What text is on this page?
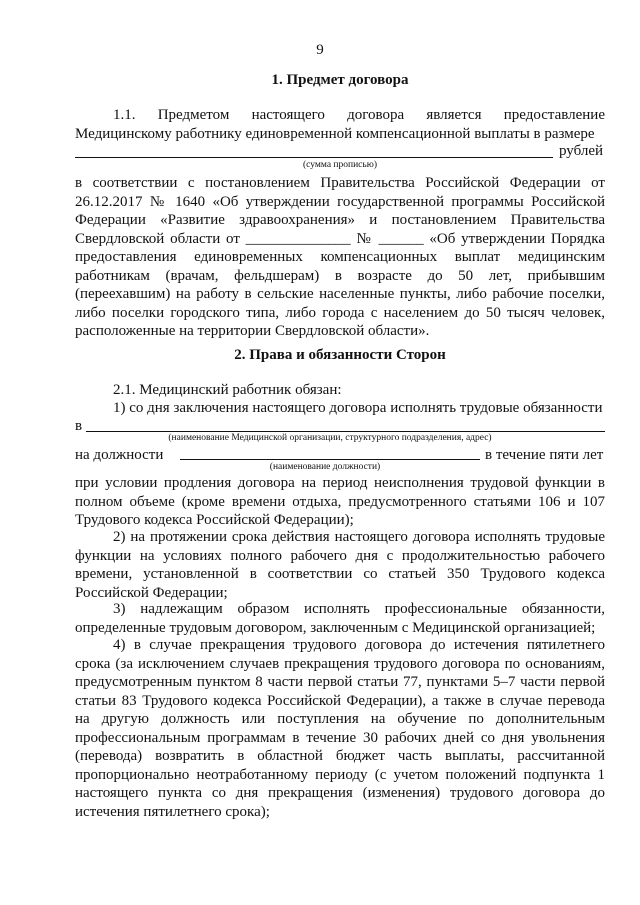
9
1. Предмет договора
1.1. Предметом настоящего договора является предоставление Медицинскому работнику единовременной компенсационной выплаты в размере
рублей
(сумма прописью)
в соответствии с постановлением Правительства Российской Федерации от 26.12.2017 № 1640 «Об утверждении государственной программы Российской Федерации «Развитие здравоохранения» и постановлением Правительства Свердловской области от ______________ № ______ «Об утверждении Порядка предоставления единовременных компенсационных выплат медицинским работникам (врачам, фельдшерам) в возрасте до 50 лет, прибывшим (переехавшим) на работу в сельские населенные пункты, либо рабочие поселки, либо поселки городского типа, либо города с населением до 50 тысяч человек, расположенные на территории Свердловской области».
2. Права и обязанности Сторон
2.1. Медицинский работник обязан:
1) со дня заключения настоящего договора исполнять трудовые обязанности
в
(наименование Медицинской организации, структурного подразделения, адрес)
на должности	в течение пяти лет
(наименование должности)
при условии продления договора на период неисполнения трудовой функции в полном объеме (кроме времени отдыха, предусмотренного статьями 106 и 107 Трудового кодекса Российской Федерации);
2) на протяжении срока действия настоящего договора исполнять трудовые функции на условиях полного рабочего дня с продолжительностью рабочего времени, установленной в соответствии со статьей 350 Трудового кодекса Российской Федерации;
3) надлежащим образом исполнять профессиональные обязанности, определенные трудовым договором, заключенным с Медицинской организацией;
4) в случае прекращения трудового договора до истечения пятилетнего срока (за исключением случаев прекращения трудового договора по основаниям, предусмотренным пунктом 8 части первой статьи 77, пунктами 5–7 части первой статьи 83 Трудового кодекса Российской Федерации), а также в случае перевода на другую должность или поступления на обучение по дополнительным профессиональным программам в течение 30 рабочих дней со дня увольнения (перевода) возвратить в областной бюджет часть выплаты, рассчитанной пропорционально неотработанному периоду (с учетом положений подпункта 1 настоящего пункта со дня прекращения (изменения) трудового договора до истечения пятилетнего срока);
